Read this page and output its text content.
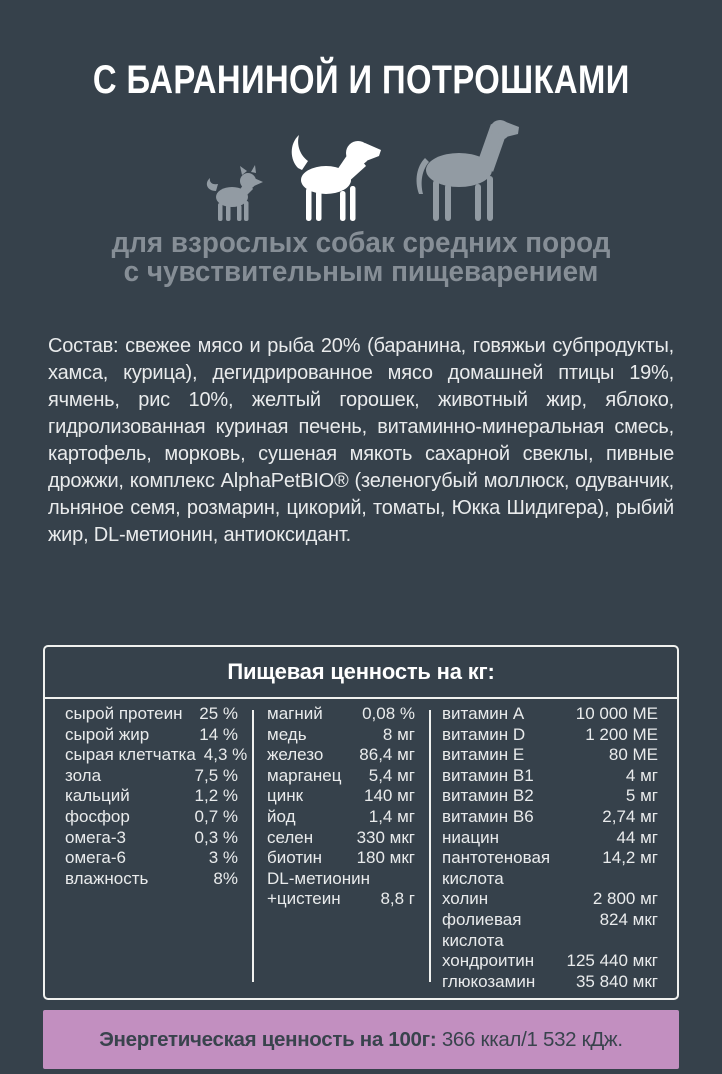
С БАРАНИНОЙ И ПОТРОШКАМИ
для взрослых собак средних пород
с чувствительным пищеварением

Состав: свежее мясо и рыба 20% (баранина, говяжьи субпродукты, хамса, курица), дегидрированное мясо домашней птицы 19%, ячмень, рис 10%, желтый горошек, животный жир, яблоко, гидролизованная куриная печень, витаминно-минеральная смесь, картофель, морковь, сушеная мякоть сахарной свеклы, пивные дрожжи, комплекс AlphaPetBIO® (зеленогубый моллюск, одуванчик, льняное семя, розмарин, цикорий, томаты, Юкка Шидигера), рыбий жир, DL-метионин, антиоксидант.

Пищевая ценность на кг:
сырой протеин 25 %
сырой жир	14 %
сырая клетчатка 4,3 %
зола	7,5 %
кальций	1,2 %
фосфор	0,7 %
омега-3	0,3 %
омега-6	3 %
влажность	8%
магний 0,08 %
медь	8 мг
железо 86,4 мг
марганец 5,4 мг
цинк	140 мг
йод	1,4 мг
селен	330 мкг
биотин 180 мкг
DL-метионин
+цистеин 8,8 г
витамин A	10 000 МЕ
витамин D	1 200 МЕ
витамин E	80 МЕ
витамин B1	4 мг
витамин B2	5 мг
витамин B6	2,74 мг
ниацин	44 мг
пантотеновая	14,2 мг
кислота
холин	2 800 мг
фолиевая	824 мкг
кислота
хондроитин 125 440 мкг
глюкозамин 35 840 мкг
Энергетическая ценность на 100г: 366 ккал/1 532 кДж.
